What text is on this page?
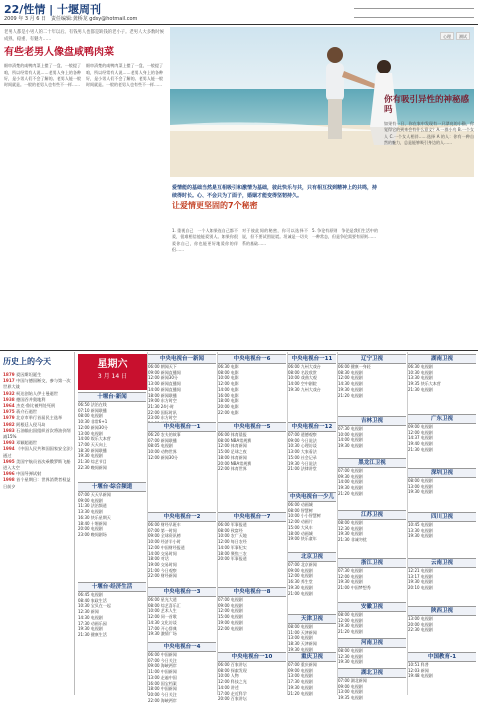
22/性情 | 十堰周刊
2009 年 3 月 6 日　责任编辑:龚桥龙 gdsy@hotmail.com
老男人都是小男人的二十年以后。有钱男人也都是缺钱的老小子。老男人大多数时候成熟、稳重、有魅力……
有些老男人像盘咸鸭肉菜
细审清楚的咸鸭肉菜上摆了一盘，一般提了咱，所以经常有人说……老男人身上的各种好，是小男人们不会了解的。老男人能一般时间就是。一般的老男人也有些不一样……
细审清楚的咸鸭肉菜上摆了一盘，一般提了咱，所以经常有人说……老男人身上的各种好，是小男人们不会了解的。老男人能一般时间就是。一般的老男人也有些不一样……
心理	测试
爱情能的基础当然是互相吸引和激情为基础，彼此快乐与共，只有相互找到精神上的共鸣，持续得时长。心、不会只为了面子，婚姻才能变得坚韧持久。
让爱情更坚固的7个秘密
1. 重视自己　一个人如果连自己都不爱，很难相信他能爱别人。如果你很爱你自己，你也能更好地爱你的伴侣……
对于彼此间的秘密，你可以选择不说，但不要试图说谎。坦诚是一切关系的基础……
5. 争论有原则　争论是我们生活中的一种常态，但是争论需要有原则……
你有吸引异性的神秘感吗
如果有一日，你在家中发现有一只漂亮的小猫，你觉得它的到来会有什么意义？A.一群小鸟 B.一个女人 C.一个女人相伴……选择 A 的人：你有一种自然的魅力，总是能够吸引身边的人……
历史上的今天
1879 爱因斯坦诞生
1917 中国与德国断交，参与第一次世界大战
1932 柯达创始人伊士曼逝世
1938 德国吞并奥地利
1964 杰克·鲁比被判处死刑
1975 蒋介石逝世
1979 北京市举行首届民主选举
1982 阿根廷入侵马岛
1983 石油输出国组织首次将油价削减15%
1993 邓颖超逝世
1994 《中国人民共和国国家安全法》通过
1995 美国宇航员首次乘俄罗斯飞船进入太空
1996 中国导弹试射
1998 首个星期日：世界消费者权益日前夕
星期六
3 月 14 日
十堰台·新闻
06:50 法治在线
07:10 新闻联播
08:00 电视剧
10:30 非常6+1
12:00 新闻30分
13:00 电视剧
14:00 娱乐大本营
17:00 天天向上
18:30 新闻联播
19:30 电视剧
21:30 综艺节目
22:30 晚间新闻
十堰台·综合频道
07:00 天天早新闻
09:00 电视剧
11:30 法治频道
13:30 电视剧
16:30 快乐星期天
18:40 十堰新闻
20:00 电视剧
23:00 晚间剧场
十堰台·经济生活
06:45 电视剧
08:40 家政生活
10:30 宝贝在一起
12:30 新闻
14:30 电视剧
17:30 动画乐园
19:30 电视剧
21:30 健康生活
中央电视台一新闻
06:00 朝闻天下
09:00 新闻直播间
12:00 新闻30分
13:00 新闻直播间
14:00 新闻直播间
18:00 新闻联播
19:00 东方时空
21:30 24小时
22:00 国际时讯
23:00 东方时空
中央电视台一1
06:20 农夫的故事
07:00 新闻联播
08:05 电视剧
10:00 动物世界
12:00 新闻30分
中央电视台一2
06:00 财经早班车
07:00 第一时间
09:00 全球资讯榜
10:00 经济半小时
12:00 中国财经报道
14:00 交易时间
18:00 对话
19:00 交易时间
21:00 今日观察
22:00 财经新闻
中央电视台一3
06:00 星光大道
08:00 综艺喜乐汇
10:00 艺术人生
12:00 同一首歌
14:30 文化访谈
17:00 开心辞典
19:30 激情广场
中央电视台一4
06:00 中国新闻
07:00 今日关注
09:00 海峡两岸
11:00 中国新闻
13:00 走遍中国
16:00 国宝档案
18:00 中国新闻
20:00 今日关注
22:00 海峡两岸
中央电视台一6
06:30 电影
08:00 电影
10:00 电影
12:00 电影
14:00 电影
16:00 电影
18:00 电影
20:00 电影
22:00 电影
中央电视台一5
06:00 体育晨报
08:00 NBA常规赛
12:00 体育新闻
15:00 足球之夜
18:00 体育新闻
20:00 NBA常规赛
22:00 体育世界
中央电视台一7
06:00 军事报道
08:00 致富经
10:00 农广天地
12:00 每日农经
14:00 军事纪实
18:00 聚焦三农
20:00 军事报道
中央电视台一8
07:00 电视剧
09:00 电视剧
12:00 电视剧
15:00 电视剧
19:00 电视剧
22:00 电视剧
中央电视台一10
06:00 百家讲坛
08:00 探索发现
10:00 人物
12:00 科技之光
14:00 讲述
17:00 走近科学
20:00 百家讲坛
中央电视台一11
06:00 九州大戏台
08:00 名段欣赏
10:00 戏曲大观
14:00 空中剧院
19:30 九州大戏台
中央电视台一12
07:00 道德观察
09:00 今日说法
10:30 心理访谈
13:00 大家看法
15:00 社会记录
19:30 今日说法
21:00 法律讲堂
中央电视台一少儿
06:00 动画城
08:00 智慧树
10:00 小小智慧树
12:00 动画片
15:00 大风车
18:00 动画城
19:00 快乐童年
北京卫视
07:00 北京新闻
09:00 电视剧
12:00 电视剧
16:30 养生堂
19:30 电视剧
21:00 电视剧
天津卫视
08:00 电视剧
11:00 天津新闻
13:00 电视剧
18:30 天津新闻
19:30 电视剧
重庆卫视
07:00 重庆新闻
09:00 电视剧
13:00 电视剧
17:30 电视剧
19:30 电视剧
21:20 电视剧
辽宁卫视
06:00 健康一身轻
08:30 电视剧
12:00 电视剧
14:30 电视剧
19:30 电视剧
21:20 电视剧
吉林卫视
07:30 电视剧
10:00 电视剧
14:00 电视剧
19:30 电视剧
黑龙江卫视
07:00 电视剧
09:30 电视剧
14:00 电视剧
19:30 电视剧
21:20 电视剧
江苏卫视
08:00 电视剧
12:30 电视剧
19:30 电视剧
21:30 非诚勿扰
浙江卫视
07:30 电视剧
12:00 电视剧
19:30 电视剧
21:00 中国梦想秀
安徽卫视
08:00 电视剧
12:00 电视剧
19:30 电视剧
21:20 电视剧
河南卫视
08:00 电视剧
12:30 电视剧
19:30 电视剧
湖北卫视
07:00 湖北新闻
09:00 电视剧
13:00 电视剧
19:35 电视剧
湖南卫视
06:30 电视剧
10:30 电视剧
13:30 电视剧
19:35 快乐大本营
21:30 电视剧
广东卫视
09:00 电视剧
12:00 电视剧
14:37 电视剧
19:40 电视剧
21:30 电视剧
深圳卫视
08:00 电视剧
13:00 电视剧
19:30 电视剧
四川卫视
10:45 电视剧
13:30 电视剧
19:30 电视剧
云南卫视
12:21 电视剧
13:17 电视剧
19:30 电视剧
20:10 电视剧
陕西卫视
13:00 电视剧
20:00 电视剧
22:30 电视剧
中国教育-1
10:51 科普
12:03 新闻
19:48 电视剧
